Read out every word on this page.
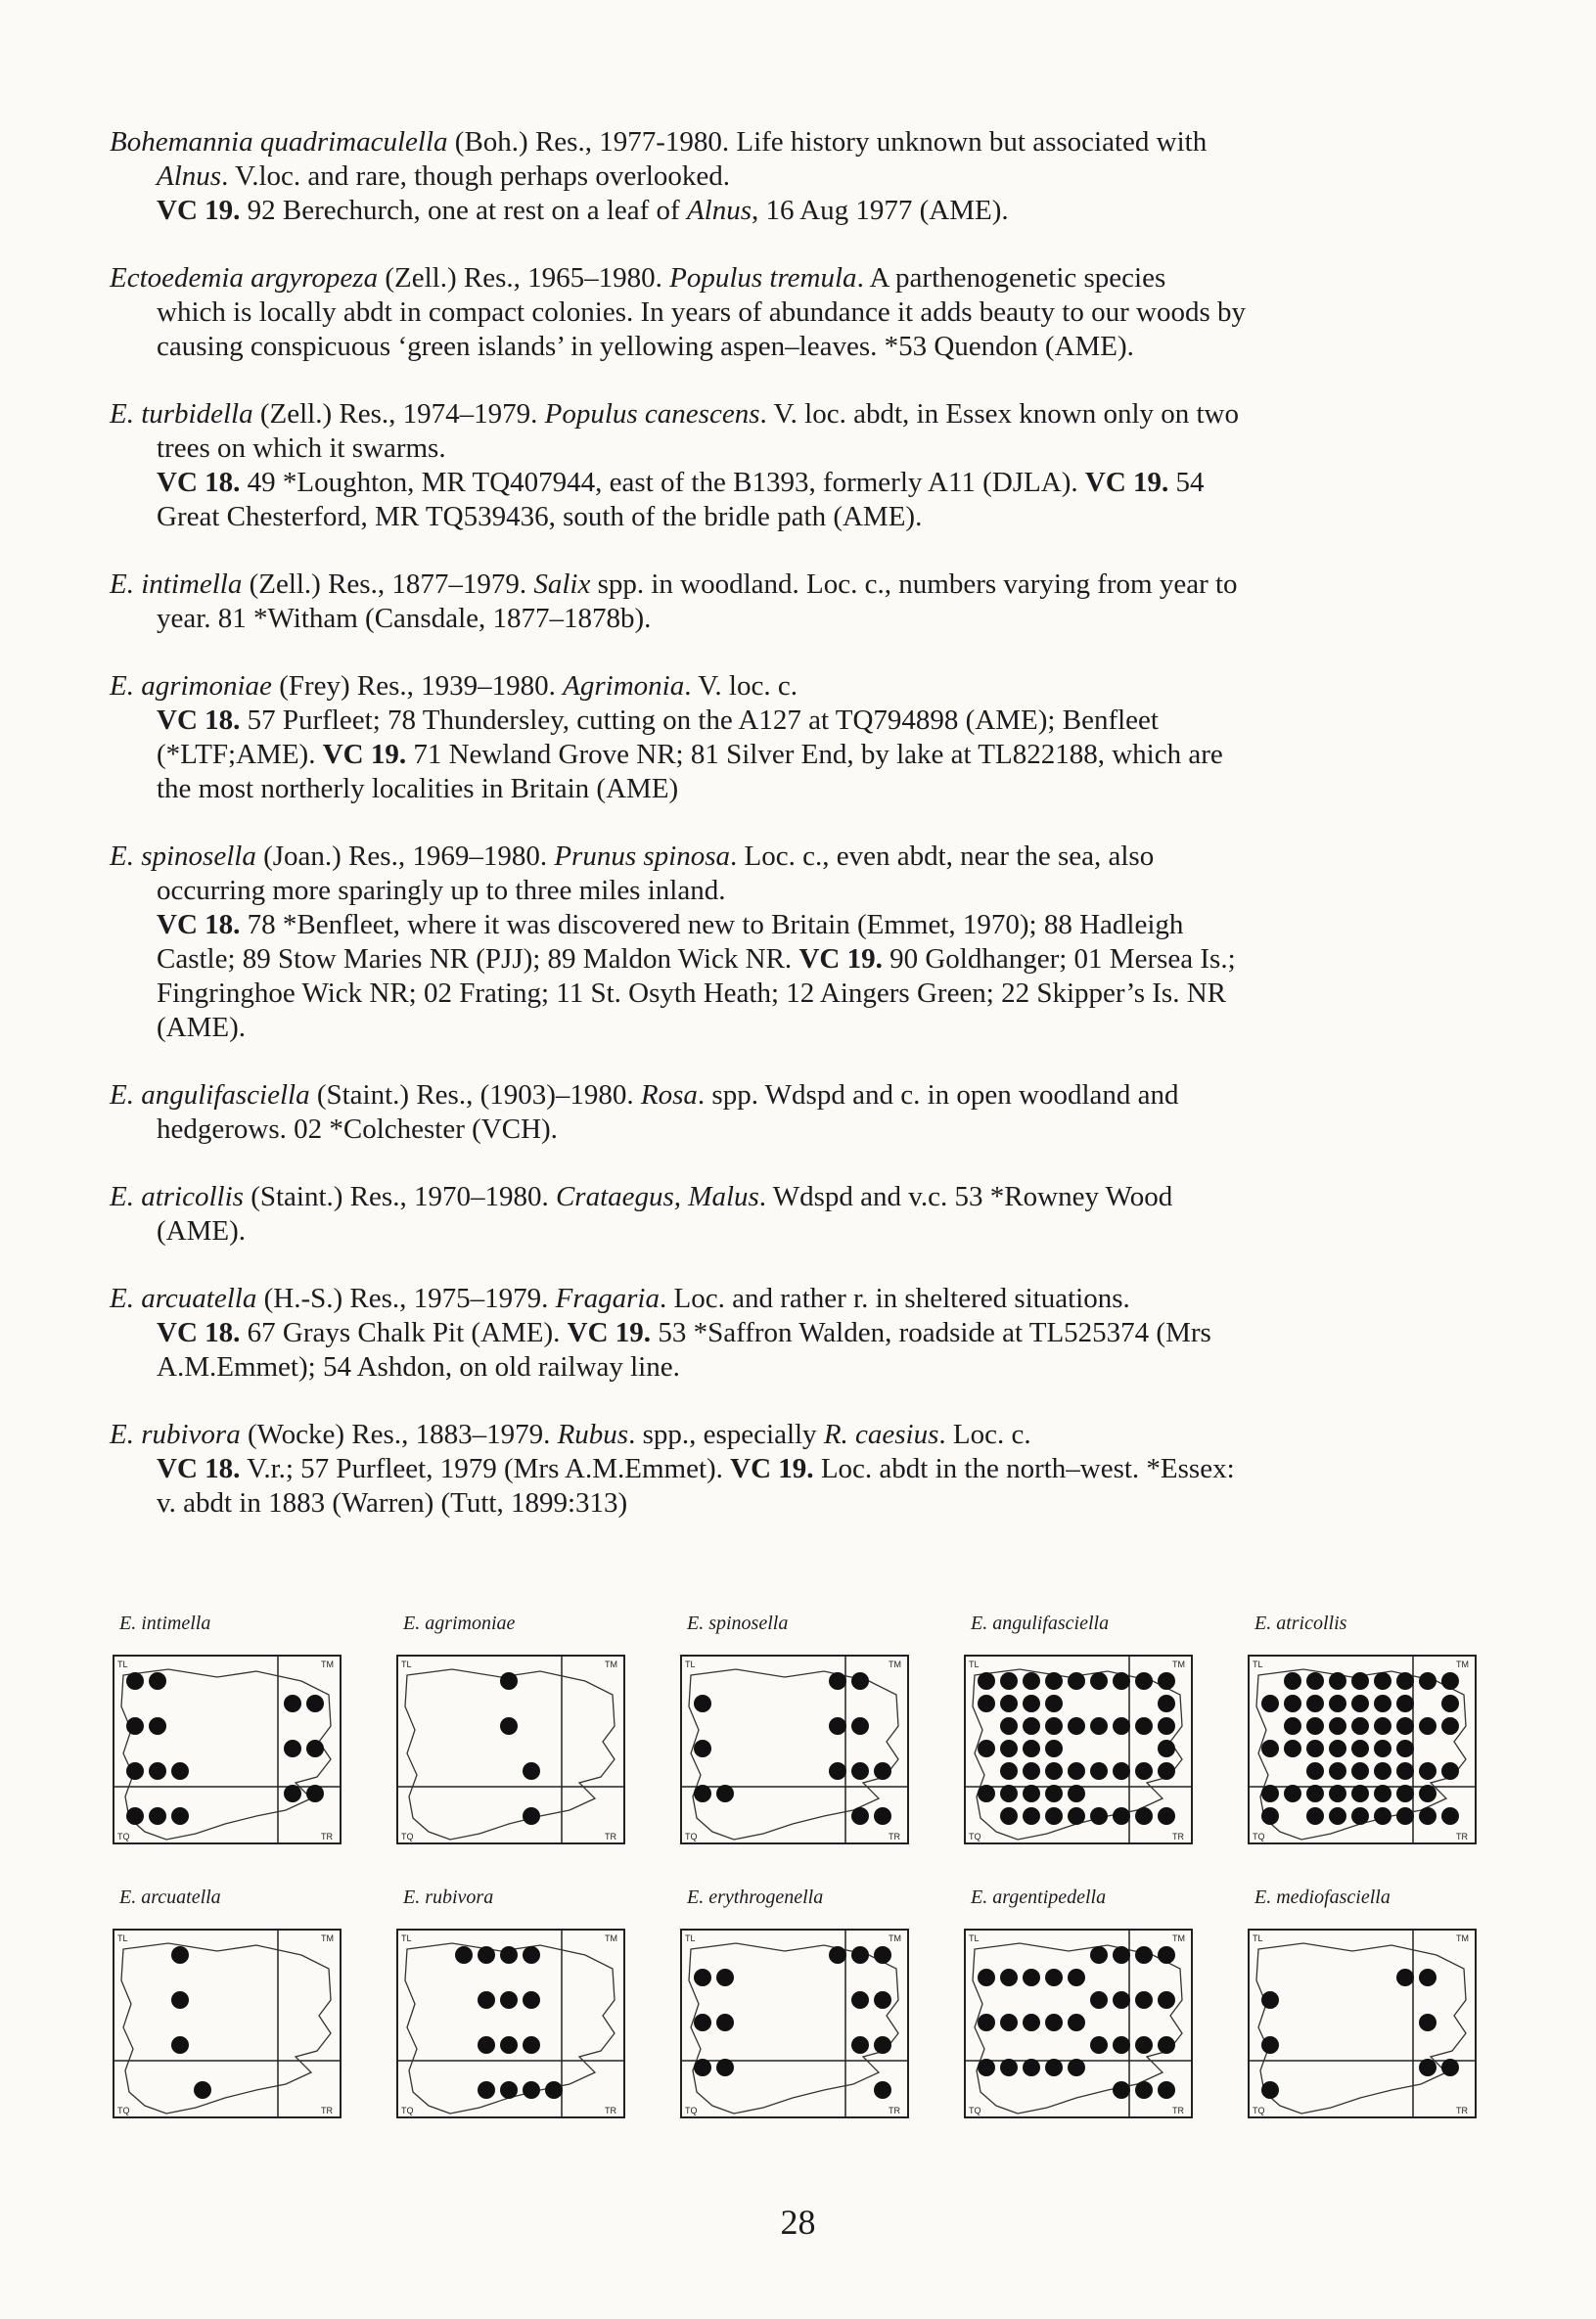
Bohemannia quadrimaculella (Boh.) Res., 1977-1980. Life history unknown but associated with

Alnus. V.loc. and rare, though perhaps overlooked.

VC 19. 92 Berechurch, one at rest on a leaf of Alnus, 16 Aug 1977 (AME).

Ectoedemia argyropeza (Zell.) Res., 1965–1980. Populus tremula. A parthenogenetic species

which is locally abdt in compact colonies. In years of abundance it adds beauty to our woods by

causing conspicuous ‘green islands’ in yellowing aspen–leaves. *53 Quendon (AME).

E. turbidella (Zell.) Res., 1974–1979. Populus canescens. V. loc. abdt, in Essex known only on two

trees on which it swarms.

VC 18. 49 *Loughton, MR TQ407944, east of the B1393, formerly A11 (DJLA). VC 19. 54

Great Chesterford, MR TQ539436, south of the bridle path (AME).

E. intimella (Zell.) Res., 1877–1979. Salix spp. in woodland. Loc. c., numbers varying from year to

year. 81 *Witham (Cansdale, 1877–1878b).

E. agrimoniae (Frey) Res., 1939–1980. Agrimonia. V. loc. c.

VC 18. 57 Purfleet; 78 Thundersley, cutting on the A127 at TQ794898 (AME); Benfleet

(*LTF;AME). VC 19. 71 Newland Grove NR; 81 Silver End, by lake at TL822188, which are

the most northerly localities in Britain (AME)

E. spinosella (Joan.) Res., 1969–1980. Prunus spinosa. Loc. c., even abdt, near the sea, also

occurring more sparingly up to three miles inland.

VC 18. 78 *Benfleet, where it was discovered new to Britain (Emmet, 1970); 88 Hadleigh

Castle; 89 Stow Maries NR (PJJ); 89 Maldon Wick NR. VC 19. 90 Goldhanger; 01 Mersea Is.;

Fingringhoe Wick NR; 02 Frating; 11 St. Osyth Heath; 12 Aingers Green; 22 Skipper’s Is. NR

(AME).

E. angulifasciella (Staint.) Res., (1903)–1980. Rosa. spp. Wdspd and c. in open woodland and

hedgerows. 02 *Colchester (VCH).

E. atricollis (Staint.) Res., 1970–1980. Crataegus, Malus. Wdspd and v.c. 53 *Rowney Wood

(AME).

E. arcuatella (H.-S.) Res., 1975–1979. Fragaria. Loc. and rather r. in sheltered situations.

VC 18. 67 Grays Chalk Pit (AME). VC 19. 53 *Saffron Walden, roadside at TL525374 (Mrs

A.M.Emmet); 54 Ashdon, on old railway line.

E. rubivora (Wocke) Res., 1883–1979. Rubus. spp., especially R. caesius. Loc. c.

VC 18. V.r.; 57 Purfleet, 1979 (Mrs A.M.Emmet). VC 19. Loc. abdt in the north–west. *Essex:

v. abdt in 1883 (Warren) (Tutt, 1899:313)

E. intimella
TL	TM
TQ	TR
E. agrimoniae
TL	TM
TQ	TR
E. spinosella
TL	TM
TQ	TR
E. angulifasciella
TL	TM
TQ	TR
E. atricollis
TL	TM
TQ	TR
E. arcuatella
TL	TM
TQ	TR
E. rubivora
TL	TM
TQ	TR
E. erythrogenella
TL	TM
TQ	TR
E. argentipedella
TL	TM
TQ	TR
E. mediofasciella
TL	TM
TQ	TR
28
